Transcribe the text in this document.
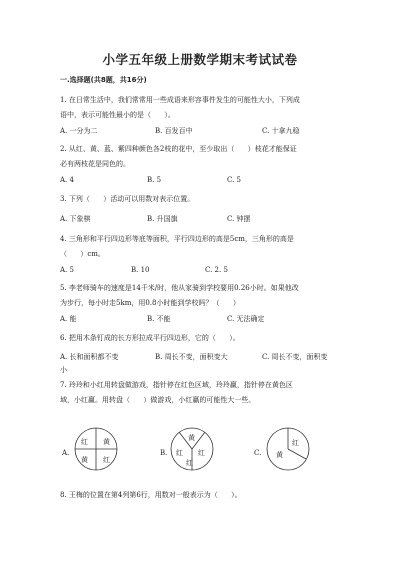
小学五年级上册数学期末考试试卷
一.选择题(共8题，共16分)
1. 在日常生活中，我们常常用一些成语来形容事件发生的可能性大小，下列成
语中，表示可能性最小的是（      ）。
A. 一分为二	B. 百发百中	C. 十拿九稳
2. 从红、黄、蓝、紫四种颜色各2枝的花中，至少取出（      ）枝花才能保证
必有两枝花是同色的。
A. 4	B. 5	C. 5
3. 下列（      ）活动可以用数对表示位置。
A. 下象棋	B. 升国旗	C. 钟摆
4. 三角形和平行四边形等底等面积，平行四边形的高是5cm，三角形的高是
（      ）cm。
A. 5	B. 10	C. 2. 5
5. 李老师骑车的速度是14千米/时，他从家骑到学校要用0.26小时。如果他改
为步行，每小时走5km，用0.8小时能到学校吗？（      ）
A. 能	B. 不能	C. 无法确定
6. 把用木条钉成的长方形拉成平行四边形，它的（      ）。
A. 长和面积都不变	B. 周长不变，面积变大	C. 周长不变，面积变
小
7. 玲玲和小红用转盘做游戏，指针停在红色区域，玲玲赢，指针停在黄色区
域，小红赢。用转盘（      ）做游戏，小红赢的可能性大一些。
A.
红 黄
红
黄
B.
黄
红 红
红
C.
红
黄
8. 王梅的位置在第4列第6行，用数对一般表示为（      ）。
